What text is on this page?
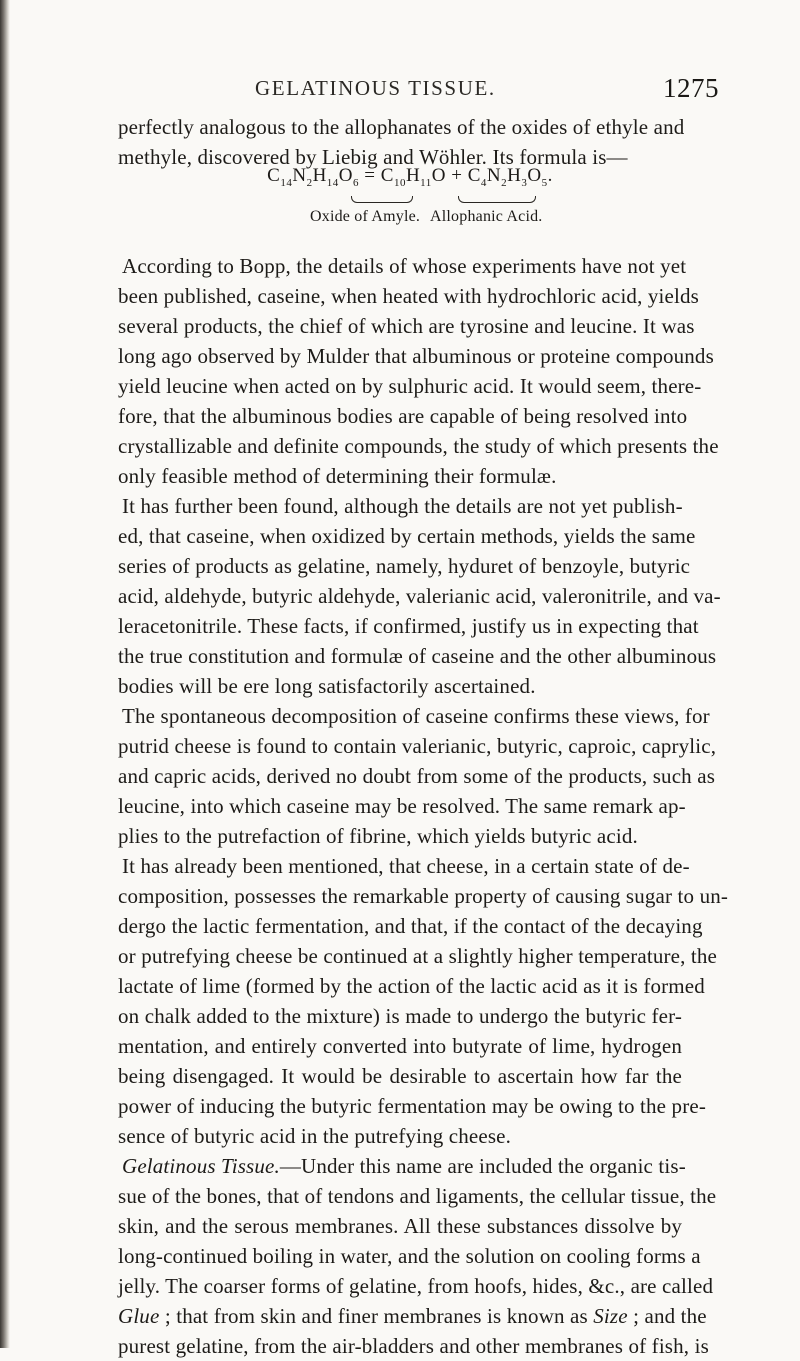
GELATINOUS TISSUE.	1275
perfectly analogous to the allophanates of the oxides of ethyle and
methyle, discovered by Liebig and Wöhler. Its formula is—
$C_{14}N_2H_{14}O_6 = C_{10}H_{11}O + C_4N_2H_3O_5$.
Oxide of Amyle. Allophanic Acid.
According to Bopp, the details of whose experiments have not yet
been published, caseine, when heated with hydrochloric acid, yields
several products, the chief of which are tyrosine and leucine. It was
long ago observed by Mulder that albuminous or proteine compounds
yield leucine when acted on by sulphuric acid. It would seem, there-
fore, that the albuminous bodies are capable of being resolved into
crystallizable and definite compounds, the study of which presents the
only feasible method of determining their formulæ.
It has further been found, although the details are not yet publish-
ed, that caseine, when oxidized by certain methods, yields the same
series of products as gelatine, namely, hyduret of benzoyle, butyric
acid, aldehyde, butyric aldehyde, valerianic acid, valeronitrile, and va-
leracetonitrile. These facts, if confirmed, justify us in expecting that
the true constitution and formulæ of caseine and the other albuminous
bodies will be ere long satisfactorily ascertained.
The spontaneous decomposition of caseine confirms these views, for
putrid cheese is found to contain valerianic, butyric, caproic, caprylic,
and capric acids, derived no doubt from some of the products, such as
leucine, into which caseine may be resolved. The same remark ap-
plies to the putrefaction of fibrine, which yields butyric acid.
It has already been mentioned, that cheese, in a certain state of de-
composition, possesses the remarkable property of causing sugar to un-
dergo the lactic fermentation, and that, if the contact of the decaying
or putrefying cheese be continued at a slightly higher temperature, the
lactate of lime (formed by the action of the lactic acid as it is formed
on chalk added to the mixture) is made to undergo the butyric fer-
mentation, and entirely converted into butyrate of lime, hydrogen
being disengaged. It would be desirable to ascertain how far the
power of inducing the butyric fermentation may be owing to the pre-
sence of butyric acid in the putrefying cheese.
Gelatinous Tissue.—Under this name are included the organic tis-
sue of the bones, that of tendons and ligaments, the cellular tissue, the
skin, and the serous membranes. All these substances dissolve by
long-continued boiling in water, and the solution on cooling forms a
jelly. The coarser forms of gelatine, from hoofs, hides, &c., are called
Glue ; that from skin and finer membranes is known as Size ; and the
purest gelatine, from the air-bladders and other membranes of fish, is
